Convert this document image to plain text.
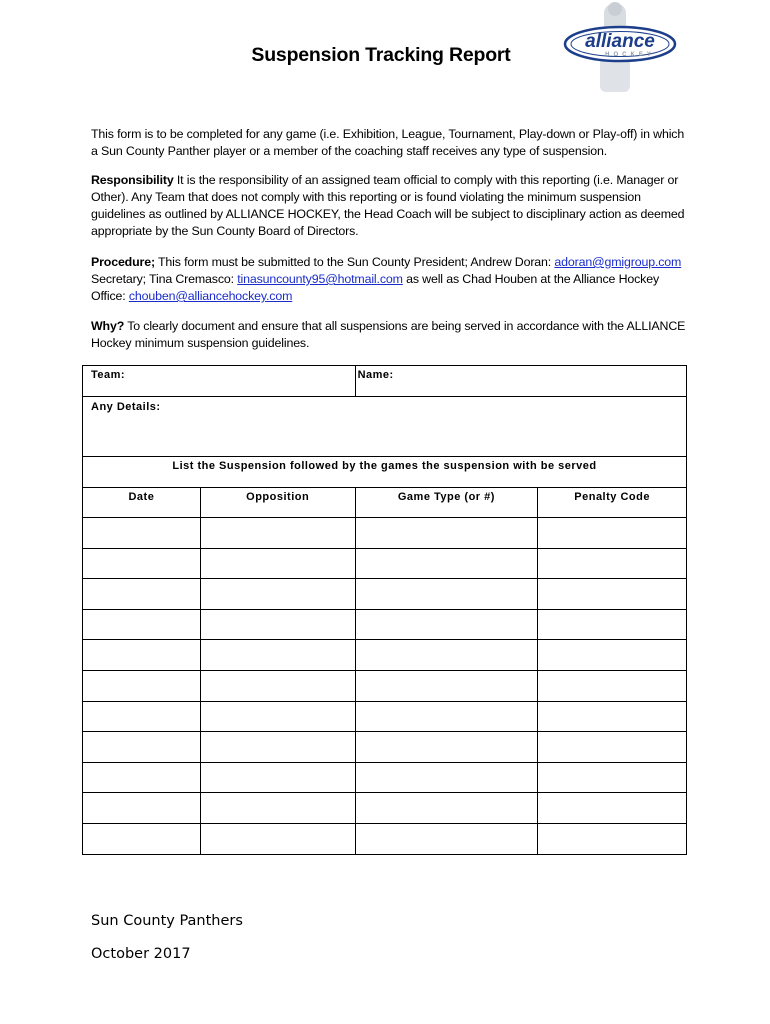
alliance
HOCKEY
Suspension Tracking Report
This form is to be completed for any game (i.e. Exhibition, League, Tournament, Play-down or Play-off) in which a Sun County Panther player or a member of the coaching staff receives any type of suspension.
Responsibility It is the responsibility of an assigned team official to comply with this reporting (i.e. Manager or Other). Any Team that does not comply with this reporting or is found violating the minimum suspension guidelines as outlined by ALLIANCE HOCKEY, the Head Coach will be subject to disciplinary action as deemed appropriate by the Sun County Board of Directors.
Procedure; This form must be submitted to the Sun County President; Andrew Doran: adoran@gmigroup.com Secretary; Tina Cremasco: tinasuncounty95@hotmail.com as well as Chad Houben at the Alliance Hockey Office: chouben@alliancehockey.com
Why? To clearly document and ensure that all suspensions are being served in accordance with the ALLIANCE Hockey minimum suspension guidelines.
Team:		Name:	
Any Details:			
List the Suspension followed by the games the suspension with be served			
Date	Opposition	Game Type (or #)	Penalty Code

Sun County Panthers
October 2017
